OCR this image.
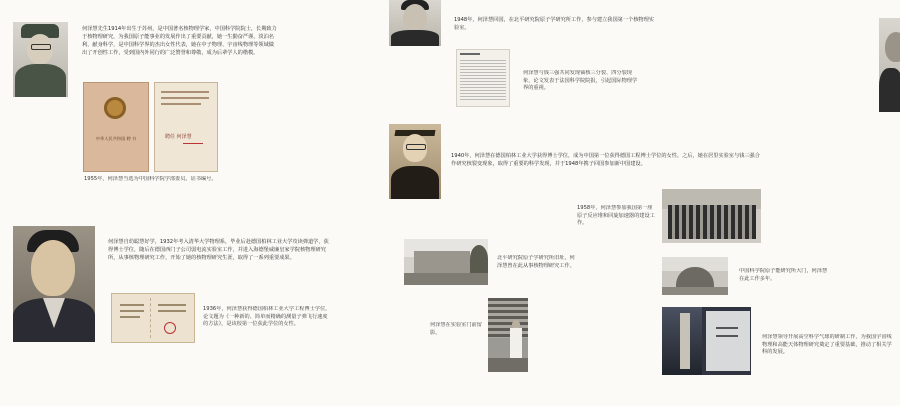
何泽慧先生1914年出生于苏州，是中国著名核物理学家，中国科学院院士，长期致力于核物理研究，为我国原子能事业的发展作出了重要贡献，她一生勤奋严谨，淡泊名利，献身科学，是中国科学界的杰出女性代表，她在中子物理、宇宙线物理等领域做出了开创性工作，受到国内外同行的广泛赞誉和尊敬，成为后辈学人的楷模。
中华人民共和国 聘 书	聘任 何泽慧
1955年，何泽慧当选为中国科学院学部委员。证书编号。
何泽慧自幼聪慧好学，1932年考入清华大学物理系，毕业后赴德国柏林工业大学攻读弹道学，获得博士学位，随后在德国西门子公司弱电流实验室工作，并进入海德堡威廉皇家学院核物理研究所，从事核物理研究工作，开始了她的核物理研究生涯，取得了一系列重要成果。
1936年，何泽慧获得德国柏林工业大学工程博士学位，论文题为《一种新的、简单而精确的测量子弹飞行速度的方法》，是该校第一位获此学位的女性。
1948年，何泽慧回国，在北平研究院原子学研究所工作，参与建立我国第一个核物理实验室。
何泽慧与钱三强共同发现铀核三分裂、四分裂现象，论文发表于法国科学院院报，引起国际物理学界的重视。
1940年，何泽慧在德国柏林工业大学获得博士学位，成为中国第一位获得德国工程博士学位的女性。之后，她在居里实验室与钱三强合作研究核裂变现象，取得了重要的科学发现，并于1948年携子回国参加新中国建设。
1958年，何泽慧参加我国第一座原子反应堆和回旋加速器的建设工作。
北平研究院原子学研究所旧址，何泽慧曾在此从事核物理研究工作。
中国科学院原子能研究所大门，何泽慧在此工作多年。
何泽慧在实验室门前留影。
何泽慧领导开展高空科学气球的研制工作，为我国宇宙线物理和高能天体物理研究奠定了重要基础，推动了相关学科的发展。
